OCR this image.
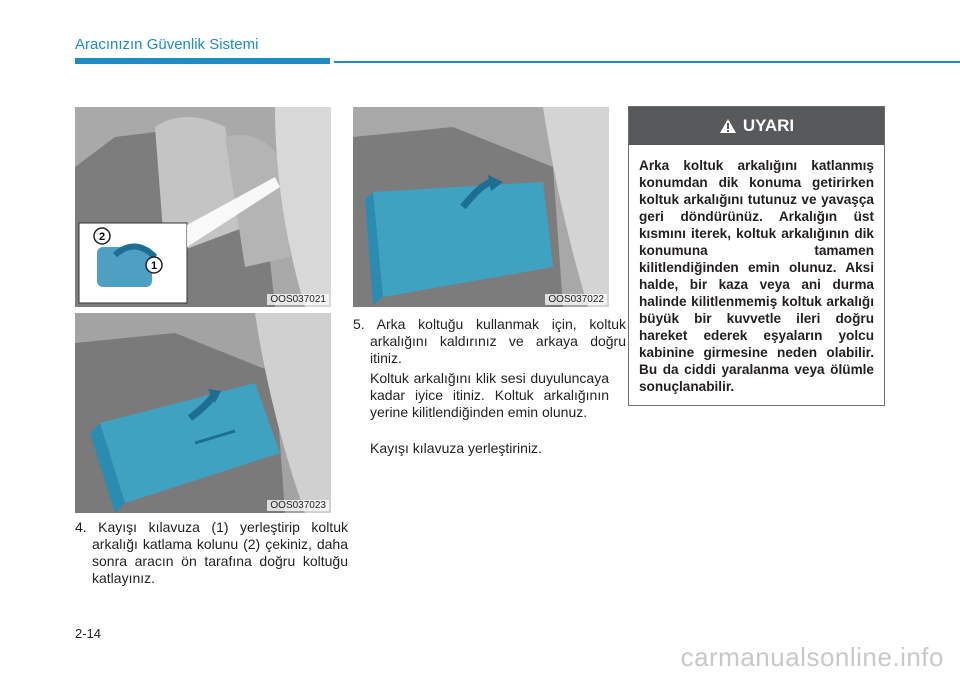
Aracınızın Güvenlik Sistemi
2
1
OOS037021
OOS037023
OOS037022
4. Kayışı kılavuza (1) yerleştirip koltuk arkalığı katlama kolunu (2) çekiniz, daha sonra aracın ön tarafına doğru koltuğu katlayınız.
5. Arka koltuğu kullanmak için, koltuk arkalığını kaldırınız ve arkaya doğru itiniz.
Koltuk arkalığını klik sesi duyuluncaya kadar iyice itiniz. Koltuk arkalığının yerine kilitlendiğinden emin olunuz.
Kayışı kılavuza yerleştiriniz.
UYARI
Arka koltuk arkalığını katlanmış konumdan dik konuma getirirken koltuk arkalığını tutunuz ve yavaşça geri döndürünüz. Arkalığın üst kısmını iterek, koltuk arkalığının dik konumuna tamamen kilitlendiğinden emin olunuz. Aksi halde, bir kaza veya ani durma halinde kilitlenmemiş koltuk arkalığı büyük bir kuvvetle ileri doğru hareket ederek eşyaların yolcu kabinine girmesine neden olabilir. Bu da ciddi yaralanma veya ölümle sonuçlanabilir.
2-14
carmanualsonline.info
